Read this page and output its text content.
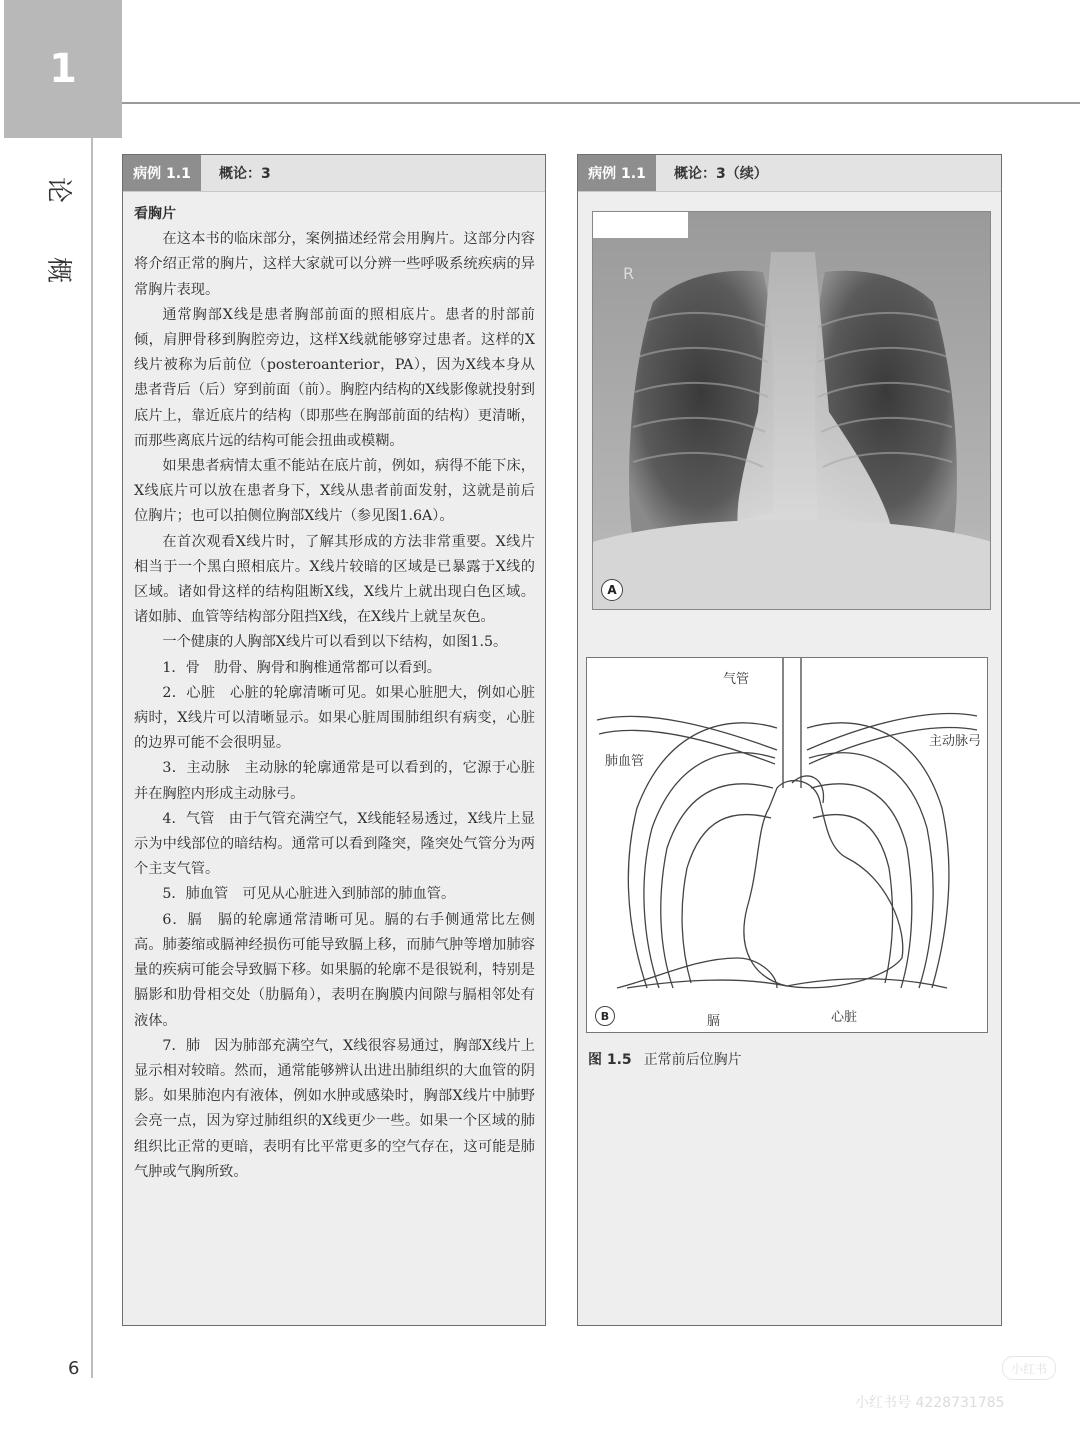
1
论
概
6
病例 1.1	概论：3
看胸片

在这本书的临床部分，案例描述经常会用胸片。这部分内容将介绍正常的胸片，这样大家就可以分辨一些呼吸系统疾病的异常胸片表现。

通常胸部X线是患者胸部前面的照相底片。患者的肘部前倾，肩胛骨移到胸腔旁边，这样X线就能够穿过患者。这样的X线片被称为后前位（posteroanterior，PA），因为X线本身从患者背后（后）穿到前面（前）。胸腔内结构的X线影像就投射到底片上，靠近底片的结构（即那些在胸部前面的结构）更清晰，而那些离底片远的结构可能会扭曲或模糊。

如果患者病情太重不能站在底片前，例如，病得不能下床，X线底片可以放在患者身下，X线从患者前面发射，这就是前后位胸片；也可以拍侧位胸部X线片（参见图1.6A）。

在首次观看X线片时，了解其形成的方法非常重要。X线片相当于一个黑白照相底片。X线片较暗的区域是已暴露于X线的区域。诸如骨这样的结构阻断X线，X线片上就出现白色区域。诸如肺、血管等结构部分阻挡X线，在X线片上就呈灰色。

一个健康的人胸部X线片可以看到以下结构，如图1.5。

1．骨　肋骨、胸骨和胸椎通常都可以看到。

2．心脏　心脏的轮廓清晰可见。如果心脏肥大，例如心脏病时，X线片可以清晰显示。如果心脏周围肺组织有病变，心脏的边界可能不会很明显。

3．主动脉　主动脉的轮廓通常是可以看到的，它源于心脏并在胸腔内形成主动脉弓。

4．气管　由于气管充满空气，X线能轻易透过，X线片上显示为中线部位的暗结构。通常可以看到隆突，隆突处气管分为两个主支气管。

5．肺血管　可见从心脏进入到肺部的肺血管。

6．膈　膈的轮廓通常清晰可见。膈的右手侧通常比左侧高。肺萎缩或膈神经损伤可能导致膈上移，而肺气肿等增加肺容量的疾病可能会导致膈下移。如果膈的轮廓不是很锐利，特别是膈影和肋骨相交处（肋膈角），表明在胸膜内间隙与膈相邻处有液体。

7．肺　因为肺部充满空气，X线很容易通过，胸部X线片上显示相对较暗。然而，通常能够辨认出进出肺组织的大血管的阴影。如果肺泡内有液体，例如水肿或感染时，胸部X线片中肺野会亮一点，因为穿过肺组织的X线更少一些。如果一个区域的肺组织比正常的更暗，表明有比平常更多的空气存在，这可能是肺气肿或气胸所致。

病例 1.1	概论：3（续）
R
A
气管
主动脉弓
肺血管
膈	心脏
B
图 1.5 正常前后位胸片
小红书
小红书号 4228731785
